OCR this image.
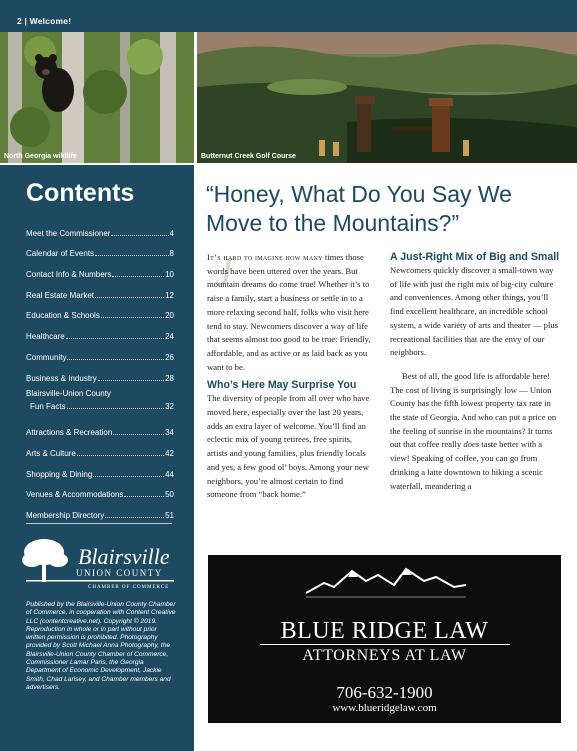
2 | Welcome!
North Georgia wildlife	Butternut Creek Golf Course
Contents
Meet the Commissioner	4
Calendar of Events	8
Contact Info & Numbers	10
Real Estate Market	12
Education & Schools	20
Healthcare	24
Community	26
Business & Industry	28
Blairsville-Union County
Fun Facts	32
Attractions & Recreation	34
Arts & Culture	42
Shopping & Dining	44
Venues & Accommodations	50
Membership Directory	51
Blairsville
UNION COUNTY
CHAMBER OF COMMERCE
Published by the Blairsville-Union County Chamber of Commerce, in cooperation with Content Creative LLC (contentcreative.net). Copyright © 2019. Reproduction in whole or in part without prior written permission is prohibited. Photography provided by Scott Michael Anna Photography, the Blairsville-Union County Chamber of Commerce, Commissioner Lamar Paris, the Georgia Department of Economic Development, Jackie Smith, Chad Larisey, and Chamber members and advertisers.
“Honey, What Do You Say We Move to the Mountains?”
J

It’s hard to imagine how many times those words have been uttered over the years. But mountain dreams do come true! Whether it’s to raise a family, start a business or settle in to a more relaxing second half, folks who visit here tend to stay. Newcomers discover a way of life that seems almost too good to be true: Friendly, affordable, and as active or as laid back as you want to be.

Who’s Here May Surprise You

The diversity of people from all over who have moved here, especially over the last 20 years, adds an extra layer of welcome. You’ll find an eclectic mix of young retirees, free spirits, artists and young families, plus friendly locals and yes, a few good ol’ boys. Among your new neighbors, you’re almost certain to find someone from “back home.”

A Just-Right Mix of Big and Small

Newcomers quickly discover a small-town way of life with just the right mix of big-city culture and conveniences. Among other things, you’ll find excellent healthcare, an incredible school system, a wide variety of arts and theater — plus recreational facilities that are the envy of our neighbors.

Best of all, the good life is affordable here! The cost of living is surprisingly low — Union County has the fifth lowest property tax rate in the state of Georgia. And who can put a price on the feeling of sunrise in the mountains? It turns out that coffee really does taste better with a view! Speaking of coffee, you can go from drinking a latte downtown to hiking a scenic waterfall, meandering a

BLUE RIDGE LAW
ATTORNEYS AT LAW
706-632-1900
www.blueridgelaw.com
